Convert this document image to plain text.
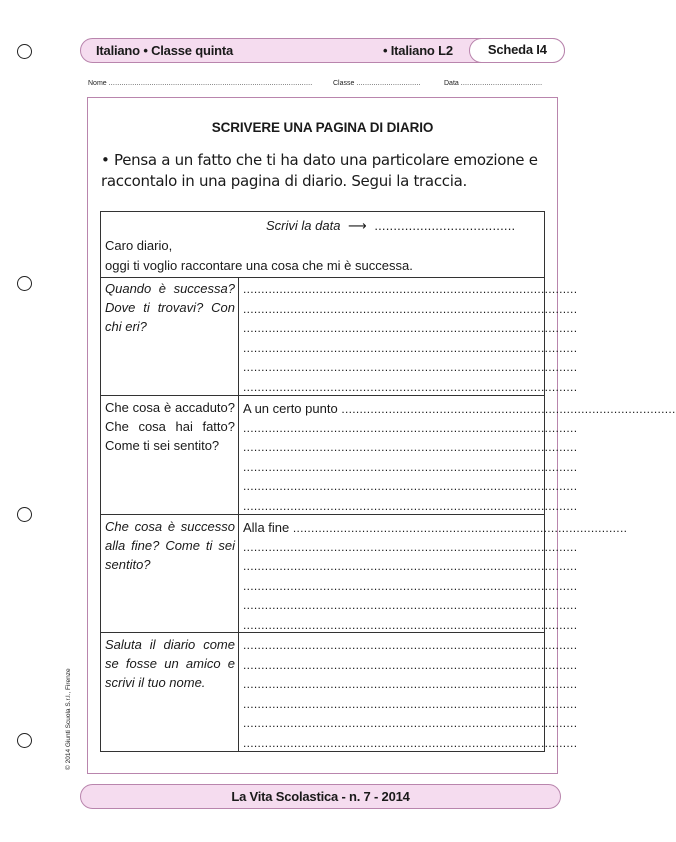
Italiano • Classe quinta	• Italiano L2	Scheda I4
Nome ...............................................................................................	Classe ..............................	Data ......................................
SCRIVERE UNA PAGINA DI DIARIO
• Pensa a un fatto che ti ha dato una particolare emozione e raccontalo in una pagina di diario. Segui la traccia.
Scrivi la data ⟶ .....................................
Caro diario,
oggi ti voglio raccontare una cosa che mi è successa.
Quando è successa? Dove ti trovavi? Con chi eri?
............................................................................................
............................................................................................
............................................................................................
............................................................................................
............................................................................................
............................................................................................
Che cosa è accaduto? Che cosa hai fatto? Come ti sei sentito?
A un certo punto ............................................................................................
............................................................................................
............................................................................................
............................................................................................
............................................................................................
............................................................................................
Che cosa è successo alla fine? Come ti sei sentito?
Alla fine ............................................................................................
............................................................................................
............................................................................................
............................................................................................
............................................................................................
............................................................................................
Saluta il diario come se fosse un amico e scrivi il tuo nome.
............................................................................................
............................................................................................
............................................................................................
............................................................................................
............................................................................................
............................................................................................
© 2014 Giunti Scuola S.r.l., Firenze
La Vita Scolastica - n. 7 - 2014
